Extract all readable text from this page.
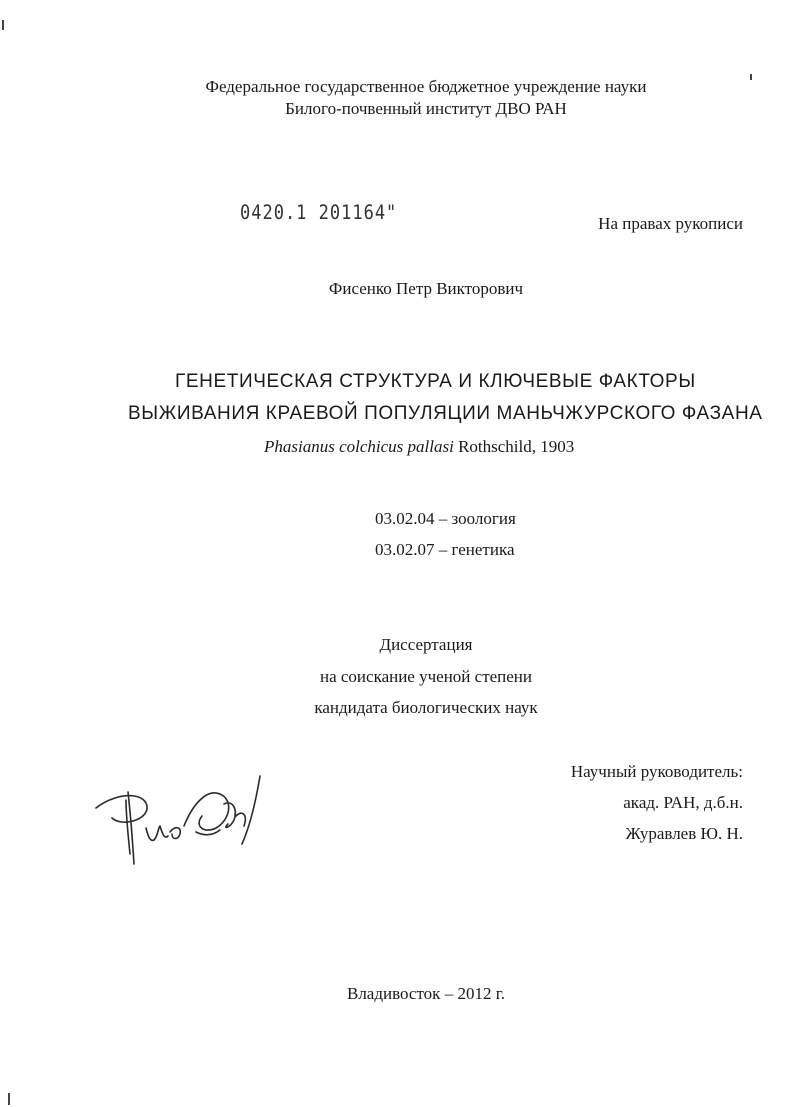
Федеральное государственное бюджетное учреждение науки
Билого-почвенный институт ДВО РАН
0420.1 201164"	На правах рукописи
Фисенко Петр Викторович
ГЕНЕТИЧЕСКАЯ СТРУКТУРА И КЛЮЧЕВЫЕ ФАКТОРЫ
ВЫЖИВАНИЯ КРАЕВОЙ ПОПУЛЯЦИИ МАНЬЧЖУРСКОГО ФАЗАНА
Phasianus colchicus pallasi Rothschild, 1903
03.02.04 – зоология
03.02.07 – генетика
Диссертация
на соискание ученой степени
кандидата биологических наук
Научный руководитель:
акад. РАН, д.б.н.
Журавлев Ю. Н.
Владивосток – 2012 г.
